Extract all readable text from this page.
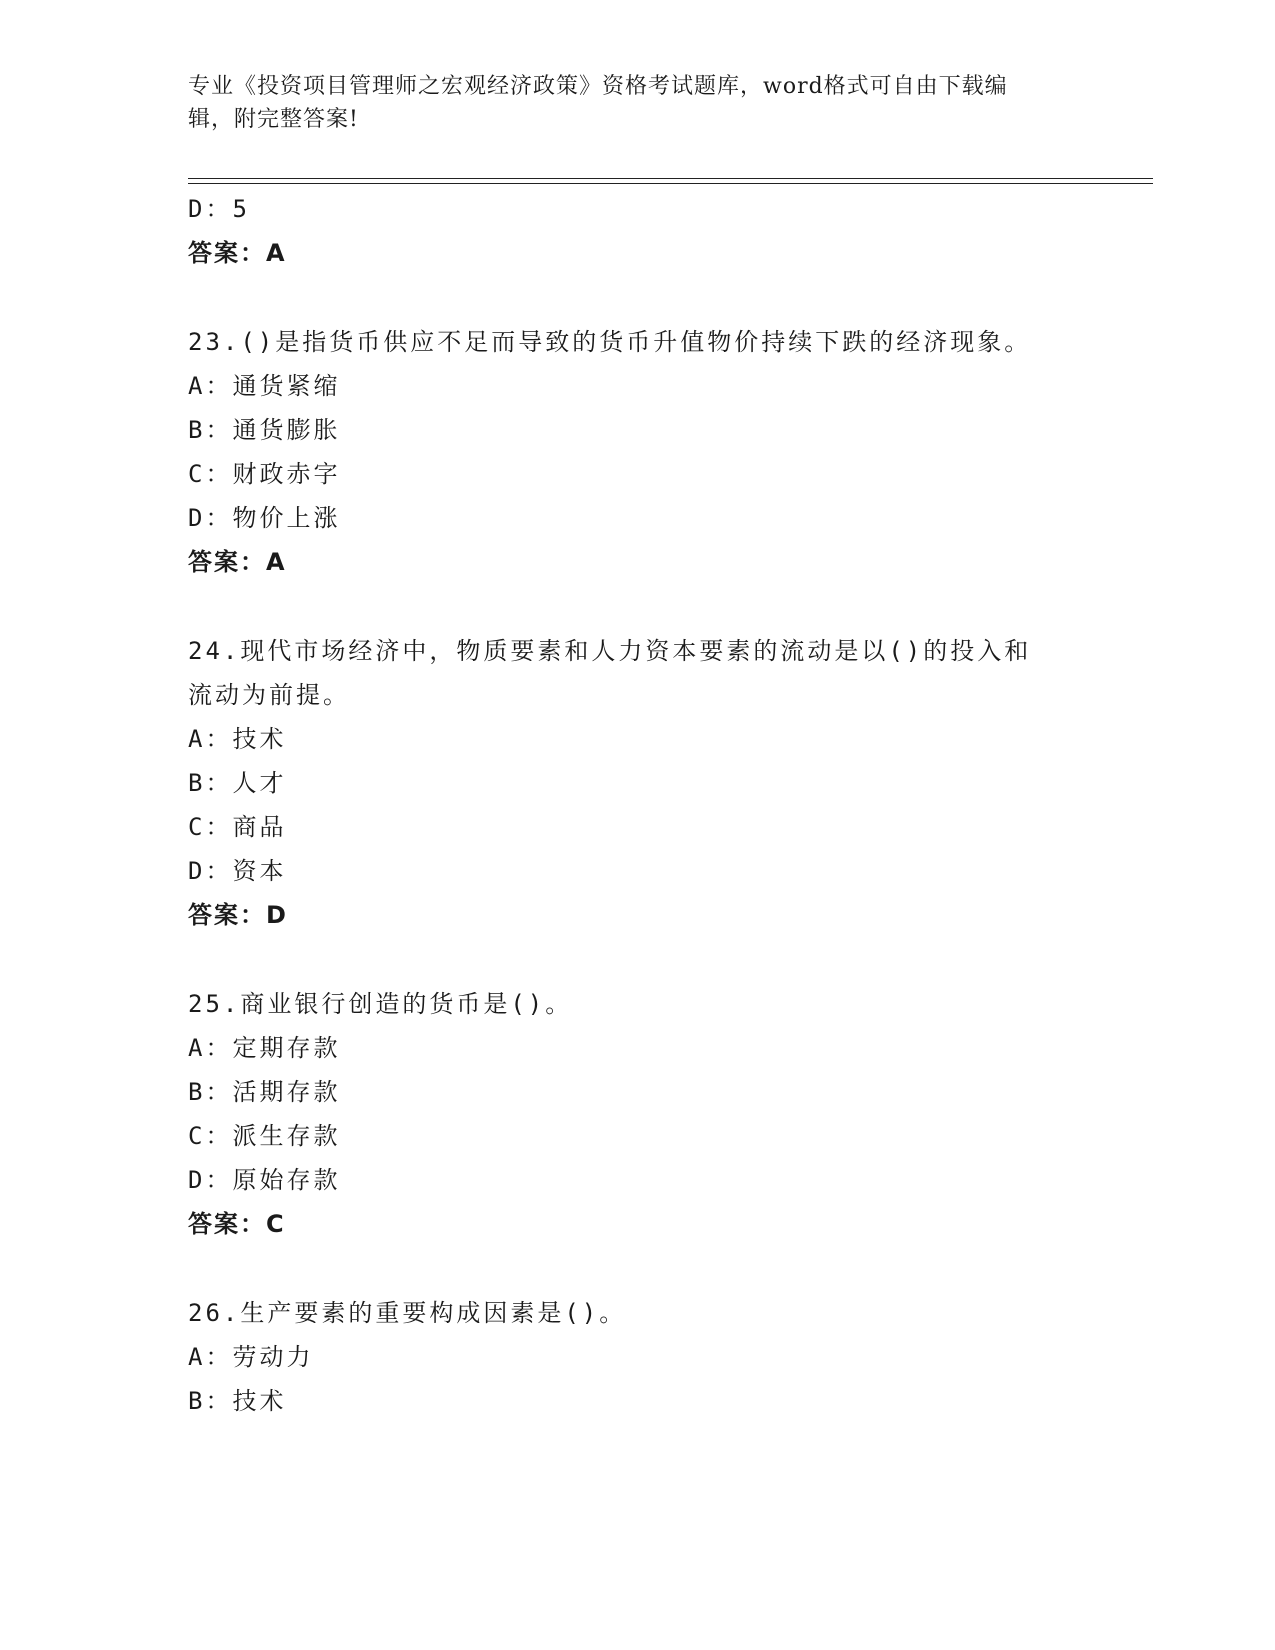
专业《投资项目管理师之宏观经济政策》资格考试题库，word格式可自由下载编
辑，附完整答案!
D：5
答案：A
23.()是指货币供应不足而导致的货币升值物价持续下跌的经济现象。
A：通货紧缩
B：通货膨胀
C：财政赤字
D：物价上涨
答案：A
24.现代市场经济中，物质要素和人力资本要素的流动是以()的投入和
流动为前提。
A：技术
B：人才
C：商品
D：资本
答案：D
25.商业银行创造的货币是()。
A：定期存款
B：活期存款
C：派生存款
D：原始存款
答案：C
26.生产要素的重要构成因素是()。
A：劳动力
B：技术
